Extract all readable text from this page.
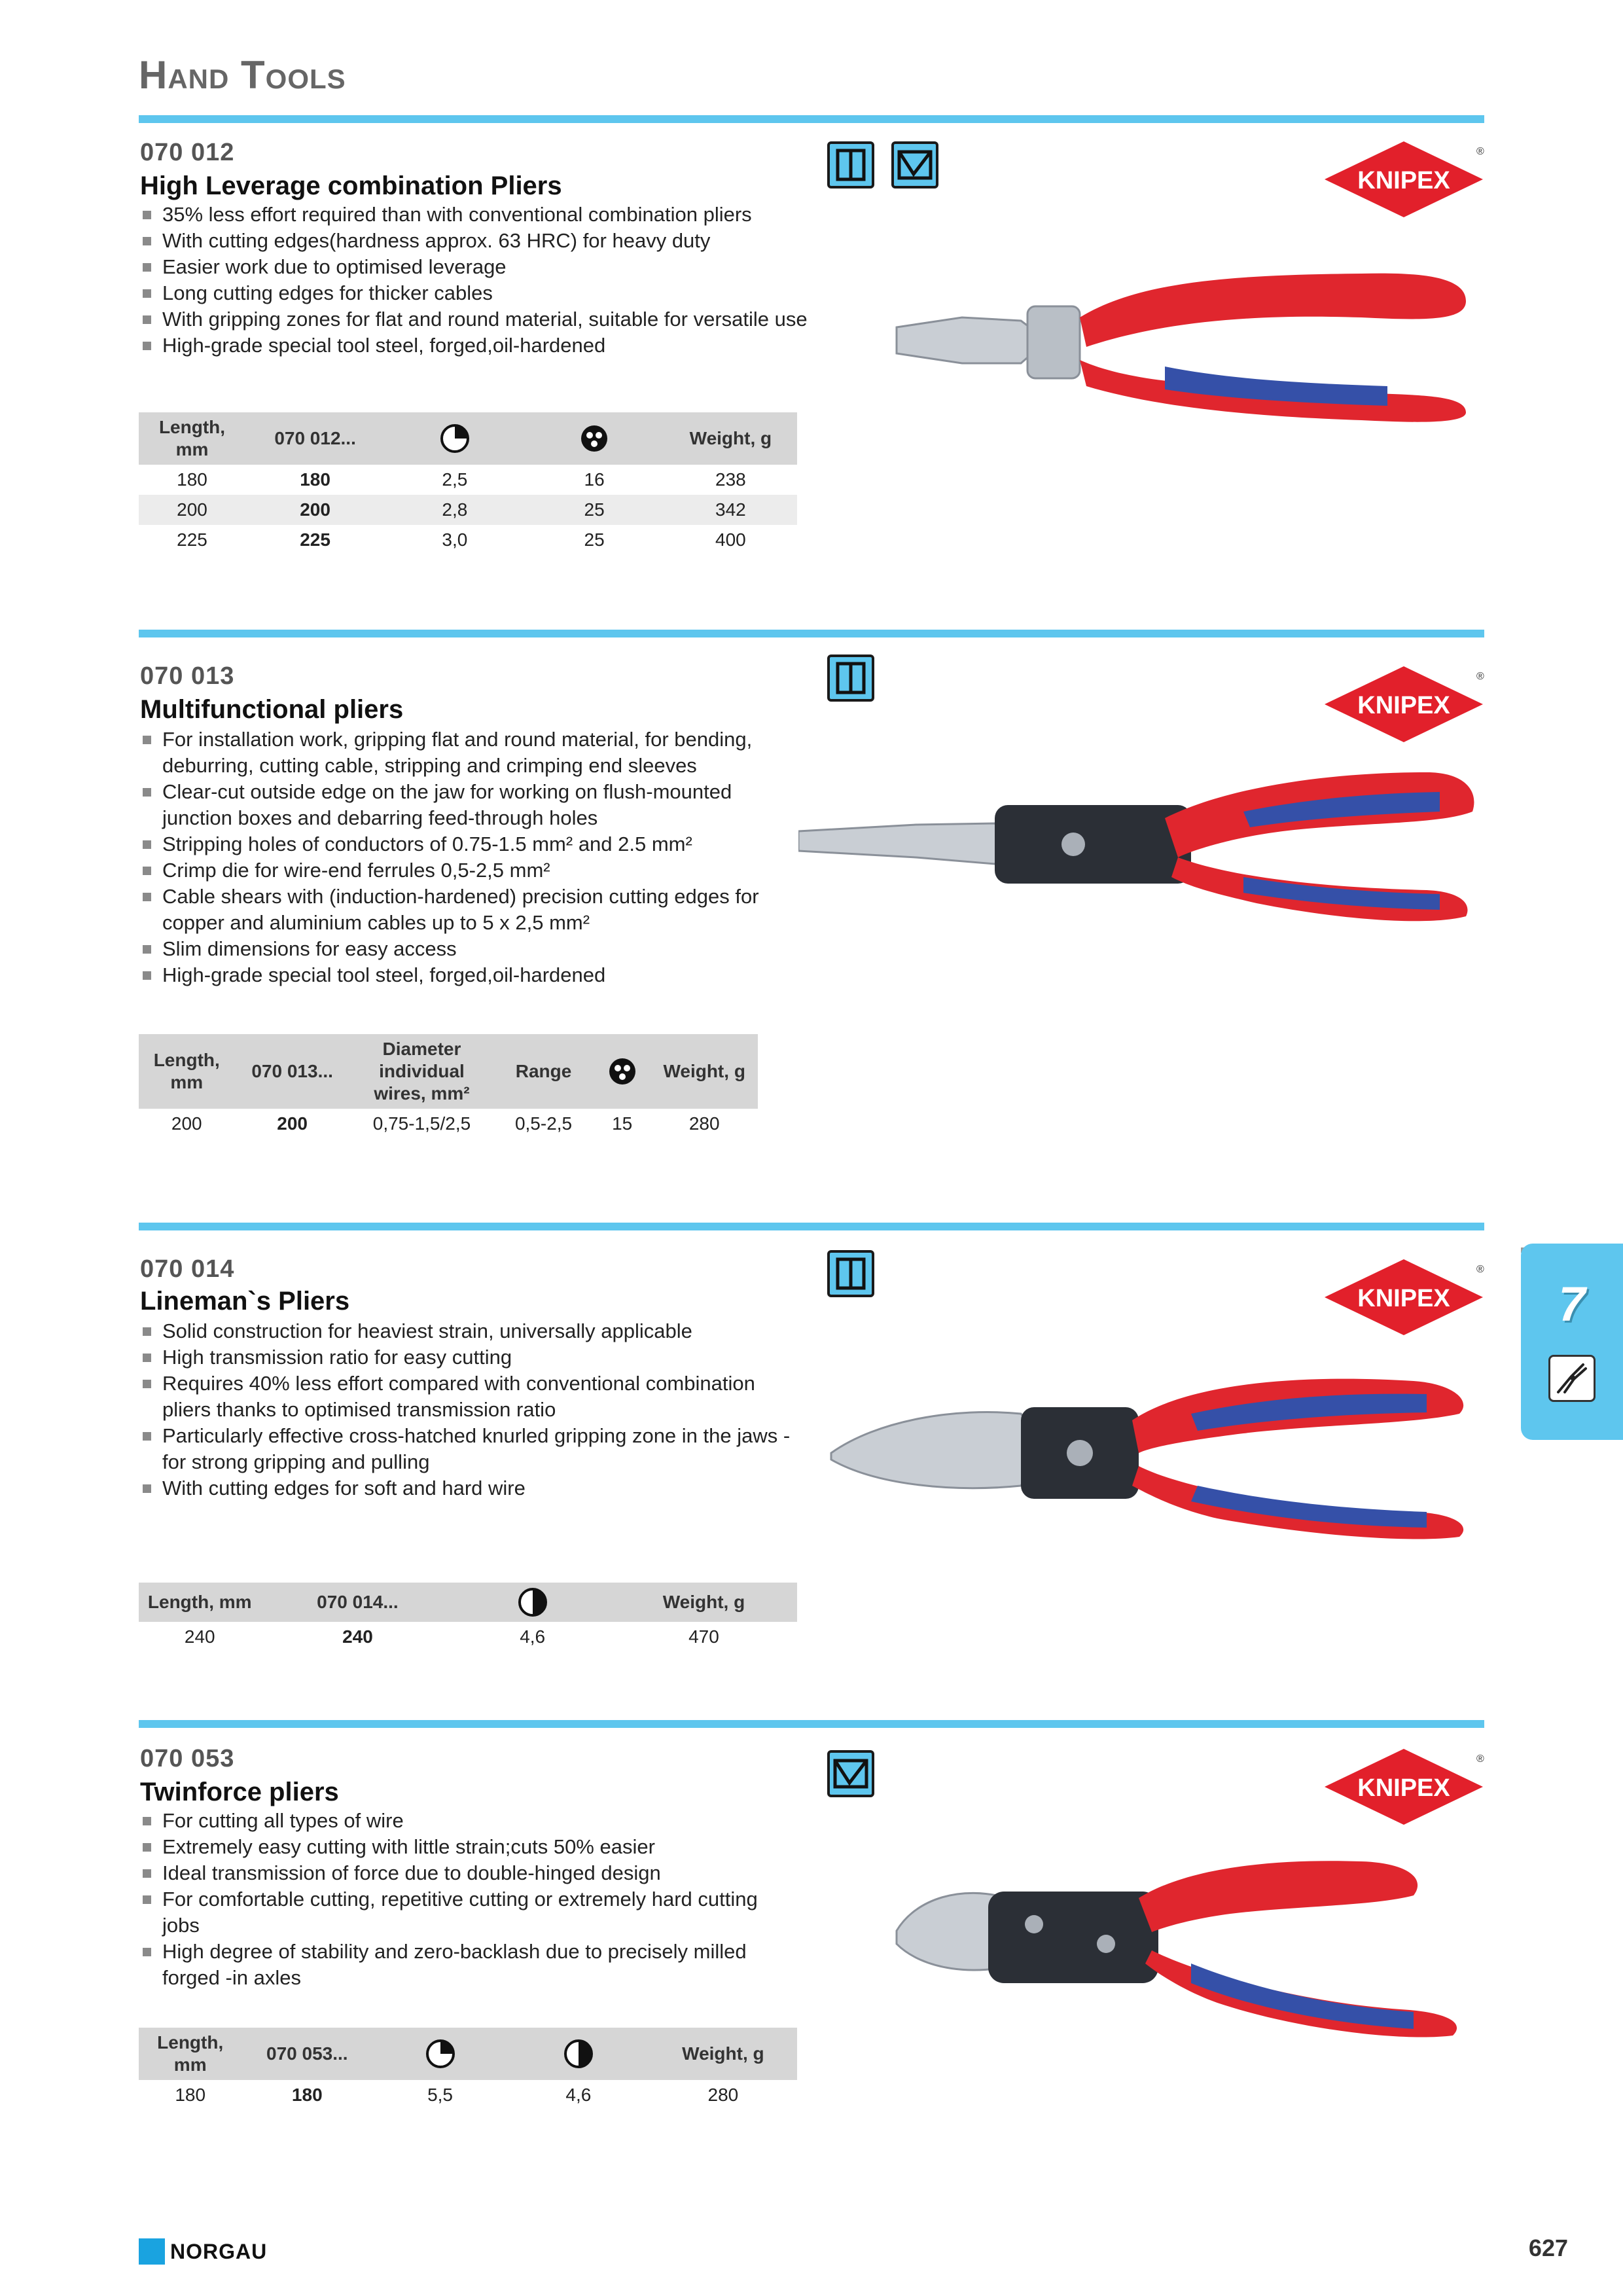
Hand Tools
070 012
High Leverage combination Pliers
35% less effort required than with conventional combination pliers
With cutting edges(hardness approx. 63 HRC) for heavy duty
Easier work due to optimised leverage
Long cutting edges for thicker cables
With gripping zones for flat and round material, suitable for versatile use
High-grade special tool steel, forged,oil-hardened
KNIPEX
®
Length, mm	070 012...			Weight, g
180	180	2,5	16	238
200	200	2,8	25	342
225	225	3,0	25	400
070 013
Multifunctional pliers
For installation work, gripping flat and round material, for bending, deburring, cutting cable, stripping and crimping end sleeves
Clear-cut outside edge on the jaw for working on flush-mounted junction boxes and debarring feed-through holes
Stripping holes of conductors of 0.75-1.5 mm² and 2.5 mm²
Crimp die for wire-end ferrules 0,5-2,5 mm²
Cable shears with (induction-hardened) precision cutting edges for copper and aluminium cables up to 5 x 2,5 mm²
Slim dimensions for easy access
High-grade special tool steel, forged,oil-hardened
KNIPEX
®
Length, mm	070 013...	Diameter individual wires, mm²	Range		Weight, g
200	200	0,75-1,5/2,5	0,5-2,5	15	280
070 014
Lineman`s Pliers
Solid construction for heaviest strain, universally applicable
High transmission ratio for easy cutting
Requires 40% less effort compared with conventional combination pliers thanks to optimised transmission ratio
Particularly effective cross-hatched knurled gripping zone in the jaws - for strong gripping and pulling
With cutting edges for soft and hard wire
KNIPEX
®
Length, mm	070 014...		Weight, g
240	240	4,6	470
070 053
Twinforce pliers
For cutting all types of wire
Extremely easy cutting with little strain;cuts 50% easier
Ideal transmission of force due to double-hinged design
For comfortable cutting, repetitive cutting or extremely hard cutting jobs
High degree of stability and zero-backlash due to precisely milled forged -in axles
KNIPEX
®
Length, mm	070 053...			Weight, g
180	180	5,5	4,6	280
7
NORGAU	627
